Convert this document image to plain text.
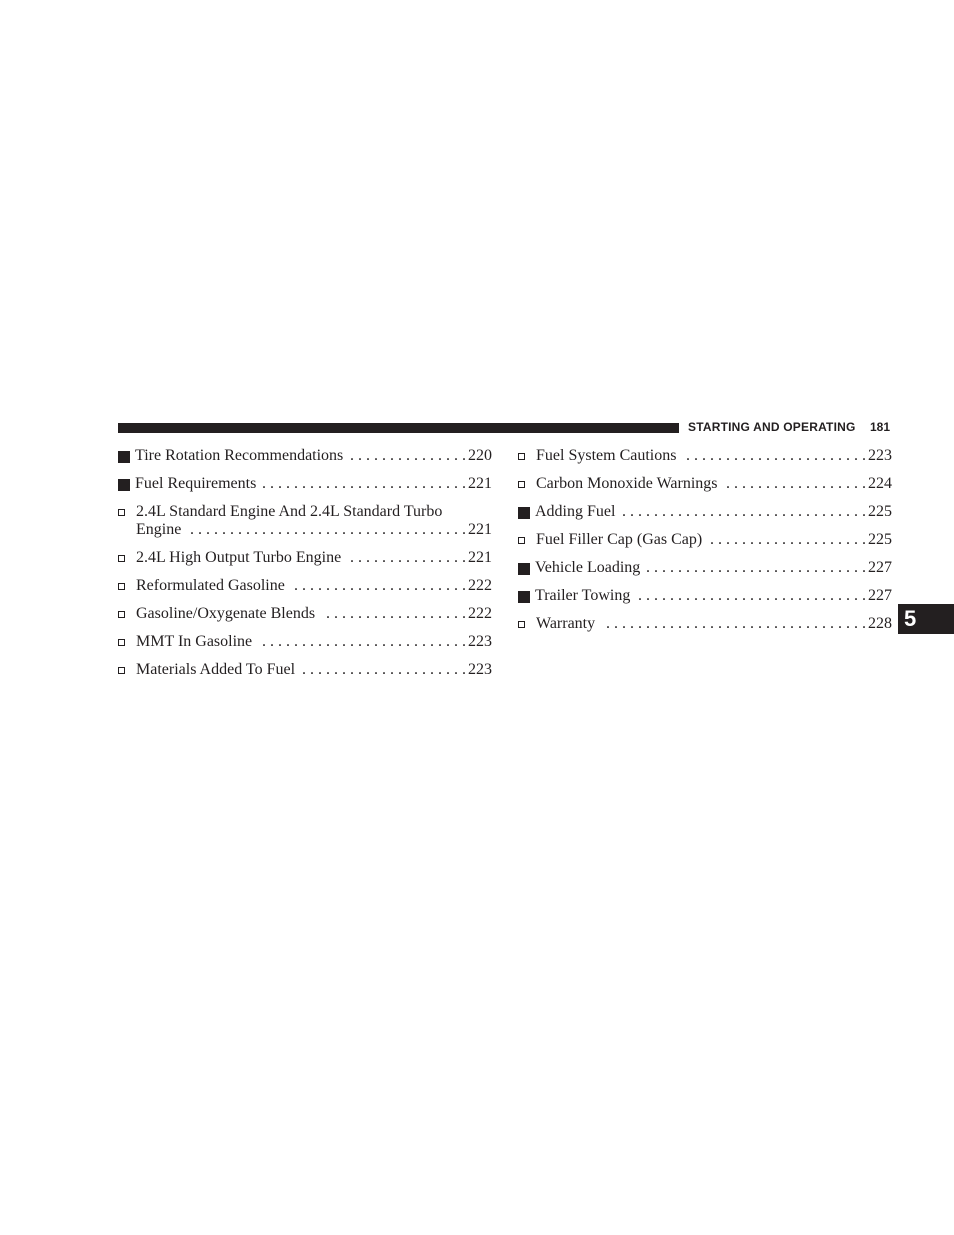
STARTING AND OPERATING 181
5
Tire Rotation Recommendations . . .	220
Fuel Requirements . . .	221
2.4L Standard Engine And 2.4L Standard Turbo
Engine . . .	221
2.4L High Output Turbo Engine . . .	221
Reformulated Gasoline . . .	222
Gasoline/Oxygenate Blends . . .	222
MMT In Gasoline . . .	223
Materials Added To Fuel . . .	223
Fuel System Cautions . . .	223
Carbon Monoxide Warnings . . .	224
Adding Fuel . . .	225
Fuel Filler Cap (Gas Cap) . . .	225
Vehicle Loading . . .	227
Trailer Towing . . .	227
Warranty . . .	228
